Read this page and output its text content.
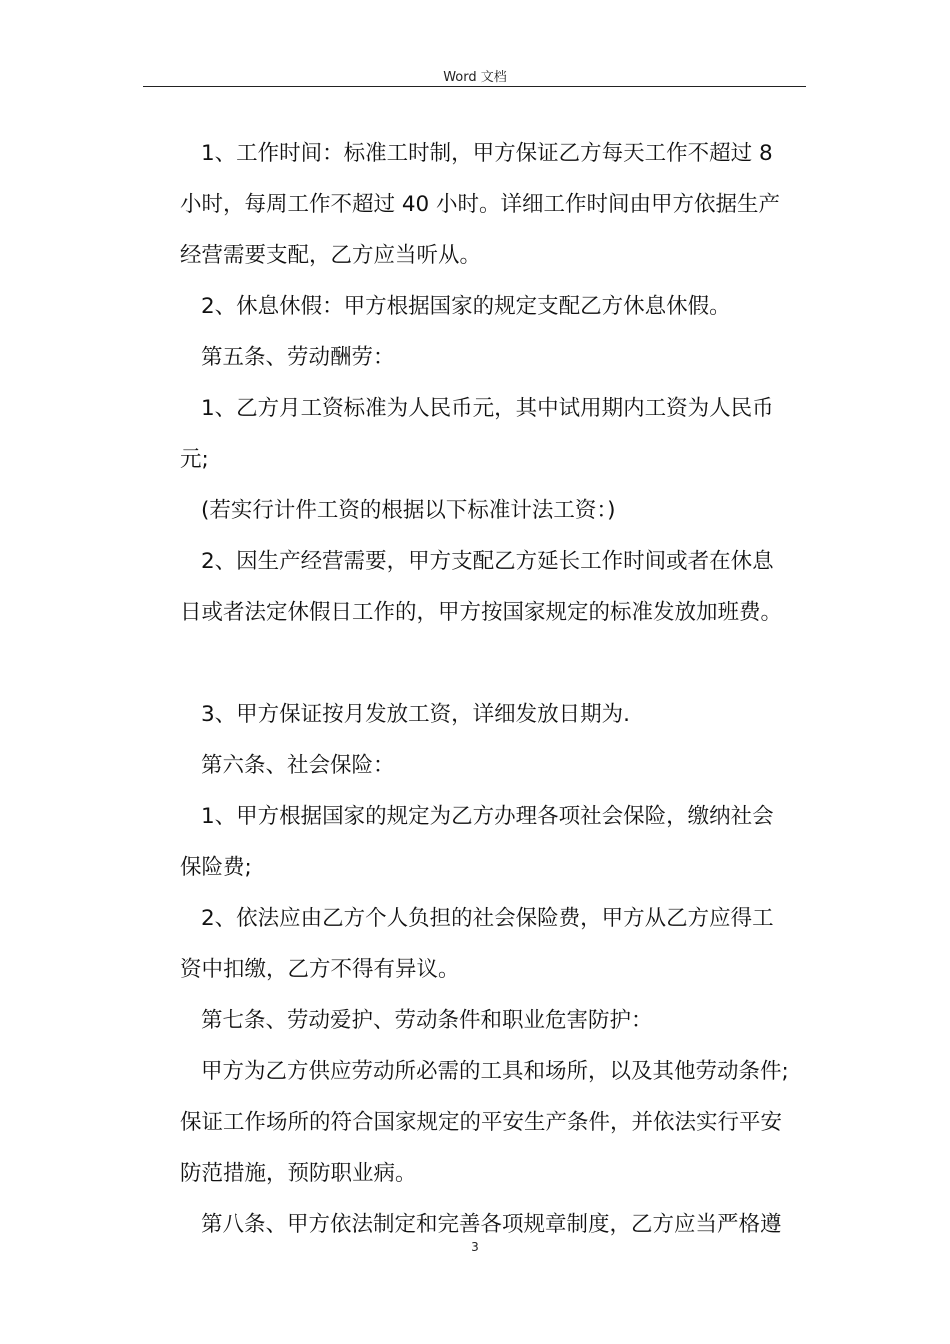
Word 文档

1、工作时间：标准工时制，甲方保证乙方每天工作不超过 8

小时，每周工作不超过 40 小时。详细工作时间由甲方依据生产

经营需要支配，乙方应当听从。

2、休息休假：甲方根据国家的规定支配乙方休息休假。

第五条、劳动酬劳：

1、乙方月工资标准为人民币元，其中试用期内工资为人民币

元;

(若实行计件工资的根据以下标准计法工资：)

2、因生产经营需要，甲方支配乙方延长工作时间或者在休息

日或者法定休假日工作的，甲方按国家规定的标准发放加班费。

3、甲方保证按月发放工资，详细发放日期为.

第六条、社会保险：

1、甲方根据国家的规定为乙方办理各项社会保险，缴纳社会

保险费;

2、依法应由乙方个人负担的社会保险费，甲方从乙方应得工

资中扣缴，乙方不得有异议。

第七条、劳动爱护、劳动条件和职业危害防护：

甲方为乙方供应劳动所必需的工具和场所，以及其他劳动条件;

保证工作场所的符合国家规定的平安生产条件，并依法实行平安

防范措施，预防职业病。

第八条、甲方依法制定和完善各项规章制度，乙方应当严格遵

3
